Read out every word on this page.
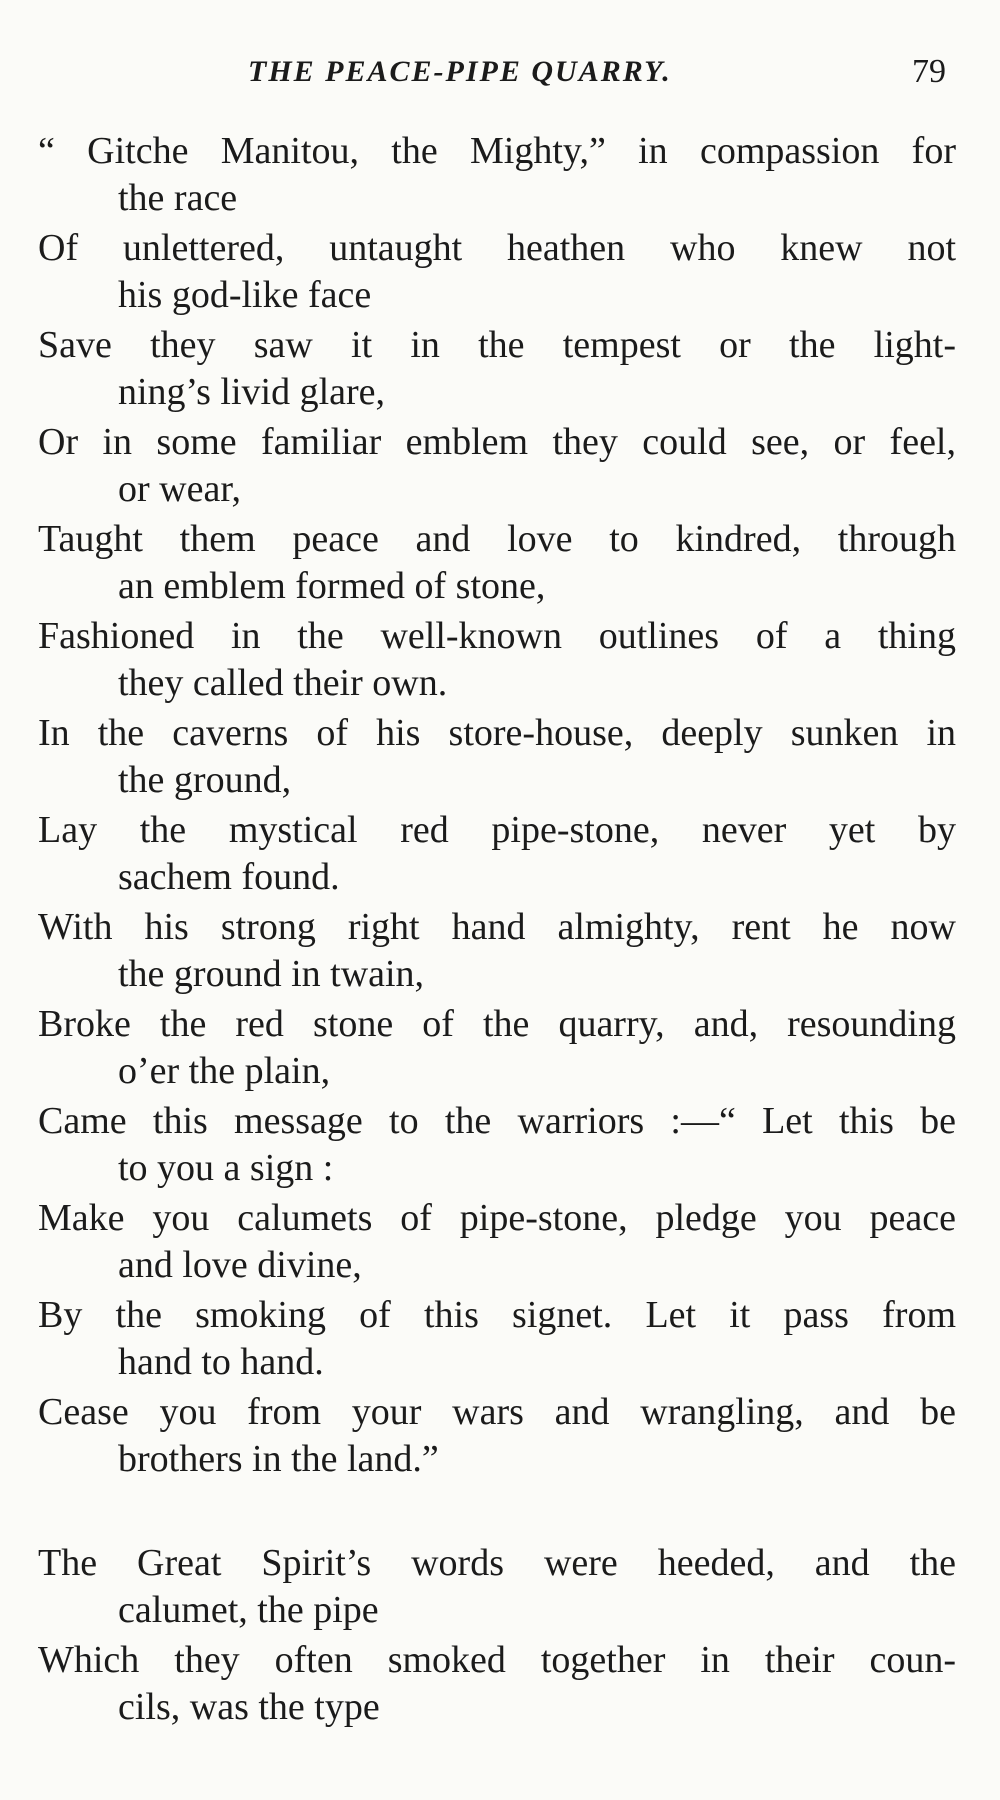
THE PEACE-PIPE QUARRY.	79
“ Gitche Manitou, the Mighty,” in compassion for
the race
Of unlettered, untaught heathen who knew not
his god-like face
Save they saw it in the tempest or the light-
ning’s livid glare,
Or in some familiar emblem they could see, or feel,
or wear,
Taught them peace and love to kindred, through
an emblem formed of stone,
Fashioned in the well-known outlines of a thing
they called their own.
In the caverns of his store-house, deeply sunken in
the ground,
Lay the mystical red pipe-stone, never yet by
sachem found.
With his strong right hand almighty, rent he now
the ground in twain,
Broke the red stone of the quarry, and, resounding
o’er the plain,
Came this message to the warriors :—“ Let this be
to you a sign :
Make you calumets of pipe-stone, pledge you peace
and love divine,
By the smoking of this signet. Let it pass from
hand to hand.
Cease you from your wars and wrangling, and be
brothers in the land.”
The Great Spirit’s words were heeded, and the
calumet, the pipe
Which they often smoked together in their coun-
cils, was the type
